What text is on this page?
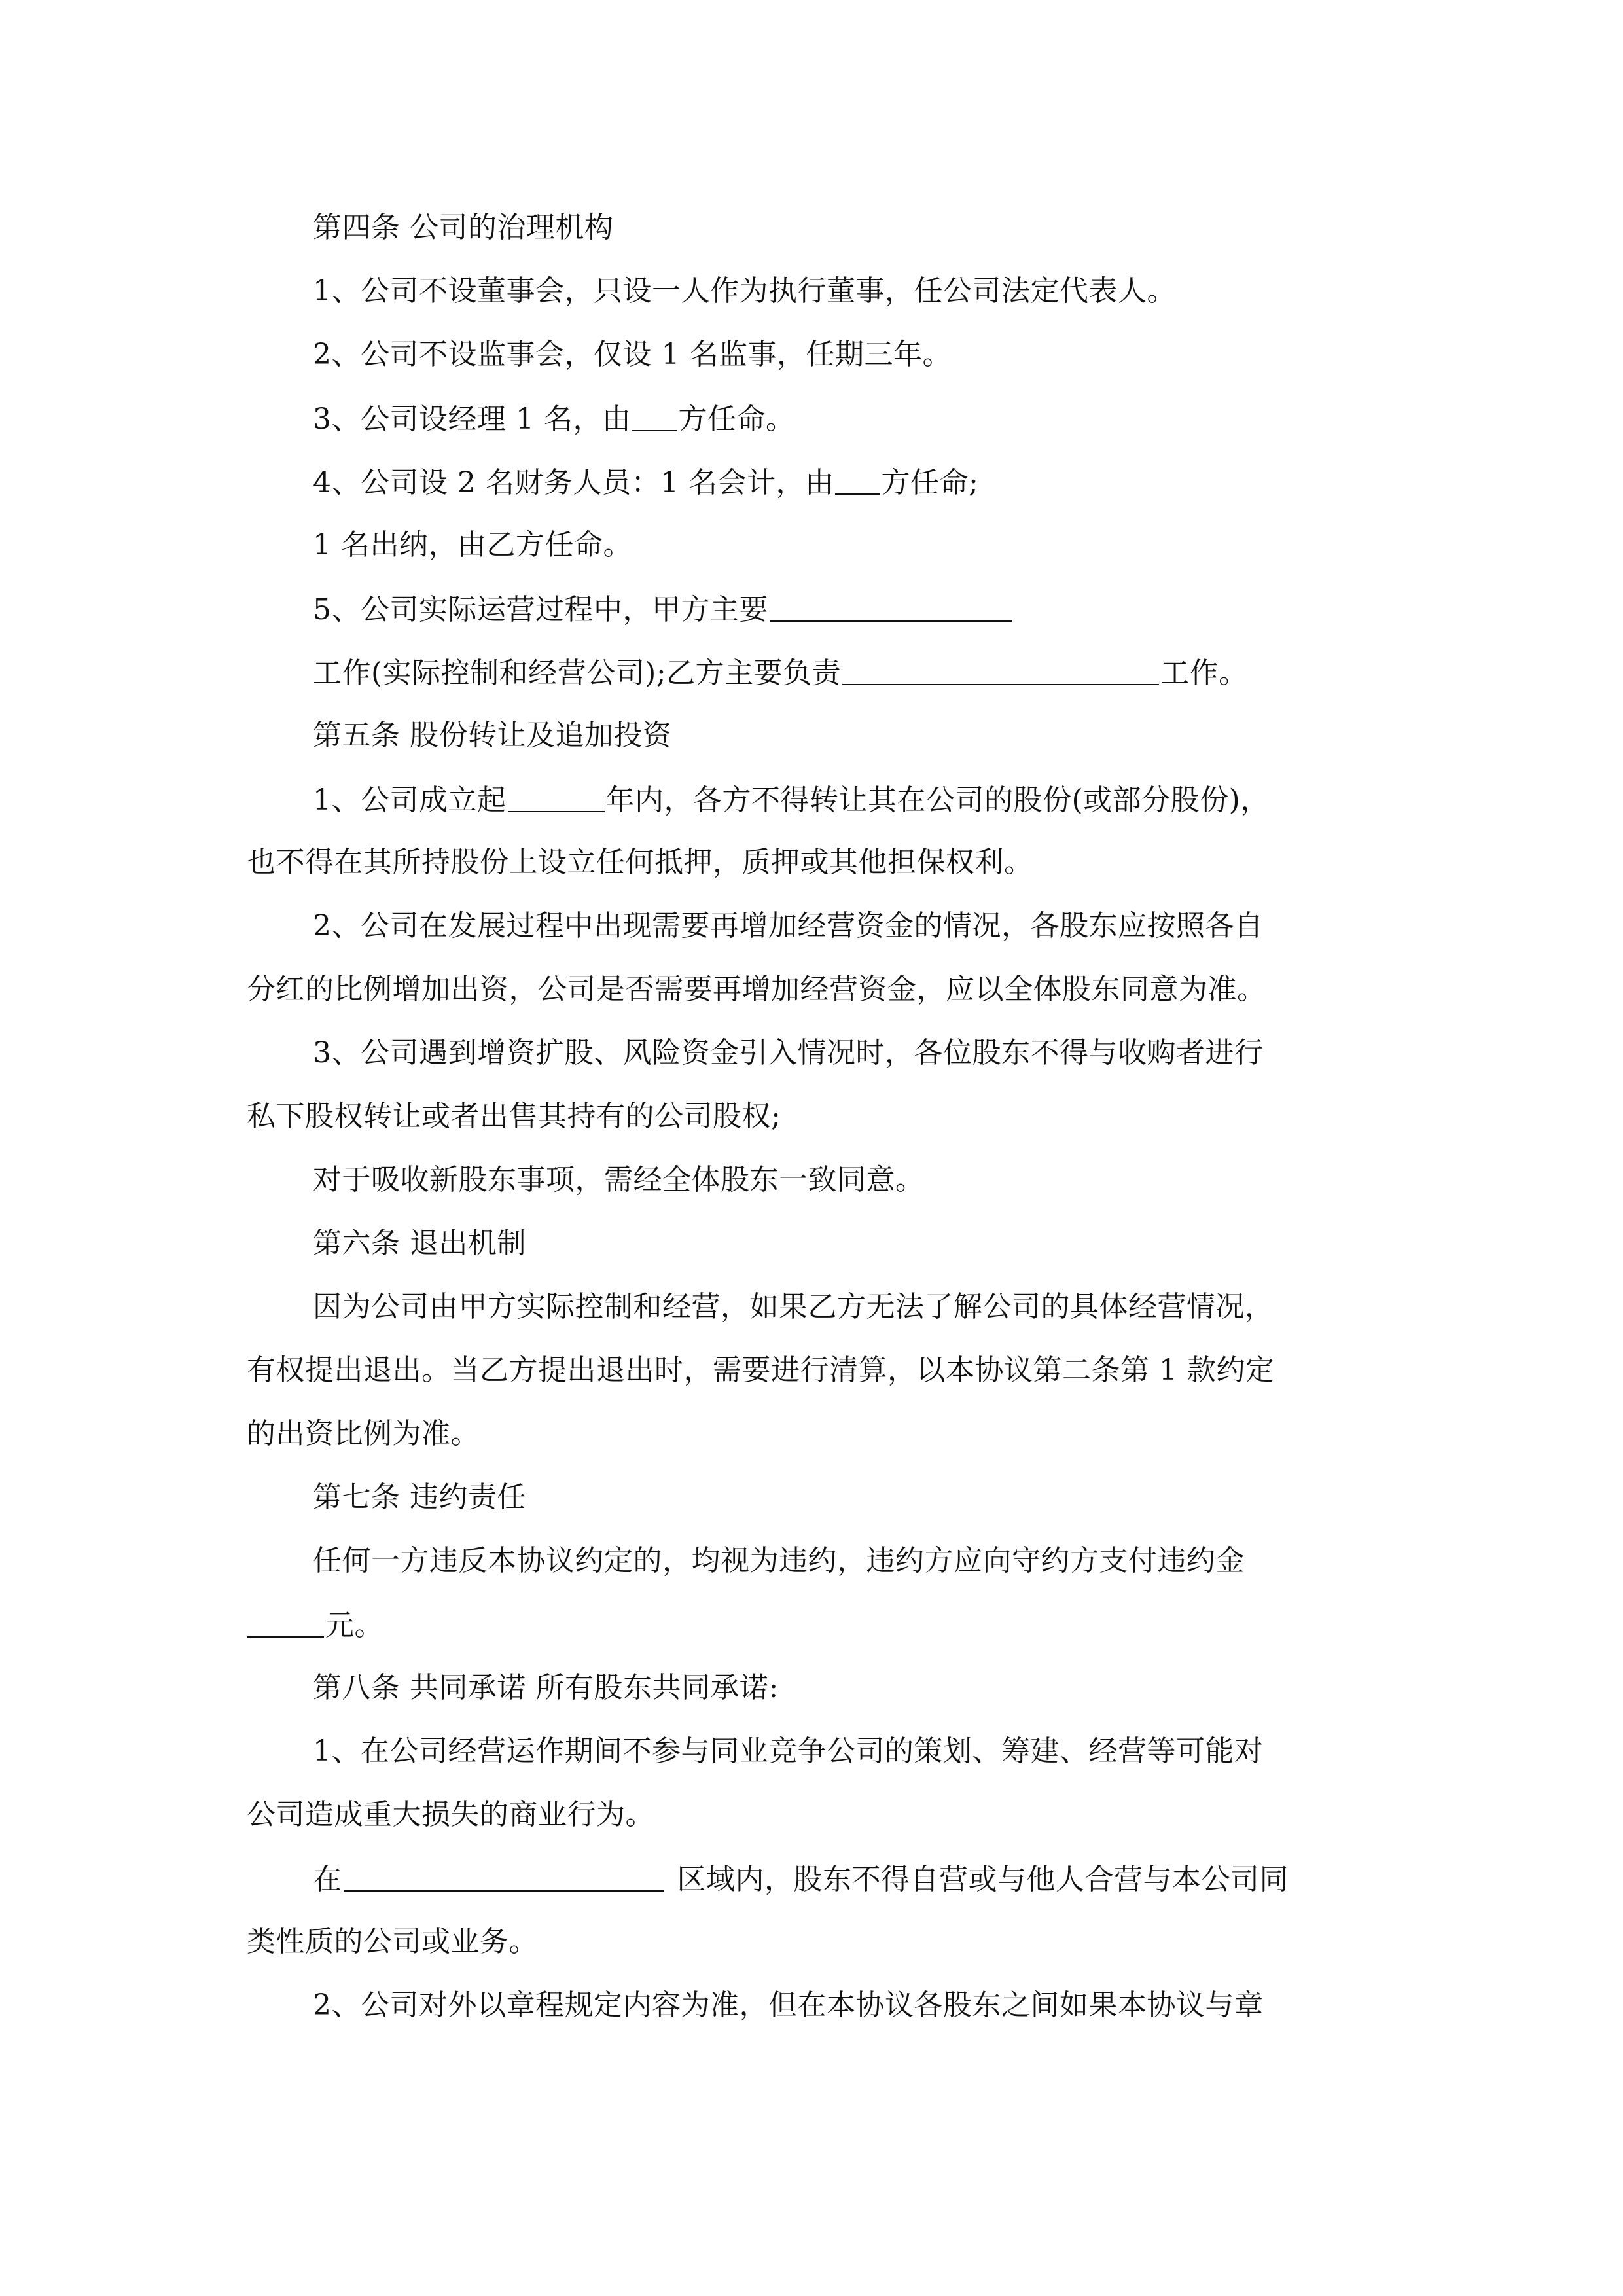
第四条 公司的治理机构
1、公司不设董事会，只设一人作为执行董事，任公司法定代表人。
2、公司不设监事会，仅设 1 名监事，任期三年。
3、公司设经理 1 名，由 方任命。
4、公司设 2 名财务人员：1 名会计，由 方任命;
1 名出纳，由乙方任命。
5、公司实际运营过程中，甲方主要
工作(实际控制和经营公司);乙方主要负责	工作。
第五条 股份转让及追加投资
1、公司成立起	年内，各方不得转让其在公司的股份(或部分股份)，
也不得在其所持股份上设立任何抵押，质押或其他担保权利。
2、公司在发展过程中出现需要再增加经营资金的情况，各股东应按照各自
分红的比例增加出资，公司是否需要再增加经营资金，应以全体股东同意为准。
3、公司遇到增资扩股、风险资金引入情况时，各位股东不得与收购者进行
私下股权转让或者出售其持有的公司股权;
对于吸收新股东事项，需经全体股东一致同意。
第六条 退出机制
因为公司由甲方实际控制和经营，如果乙方无法了解公司的具体经营情况，
有权提出退出。当乙方提出退出时，需要进行清算，以本协议第二条第 1 款约定
的出资比例为准。
第七条 违约责任
任何一方违反本协议约定的，均视为违约，违约方应向守约方支付违约金
元。
第八条 共同承诺 所有股东共同承诺:
1、在公司经营运作期间不参与同业竞争公司的策划、筹建、经营等可能对
公司造成重大损失的商业行为。
在	区域内，股东不得自营或与他人合营与本公司同
类性质的公司或业务。
2、公司对外以章程规定内容为准，但在本协议各股东之间如果本协议与章
